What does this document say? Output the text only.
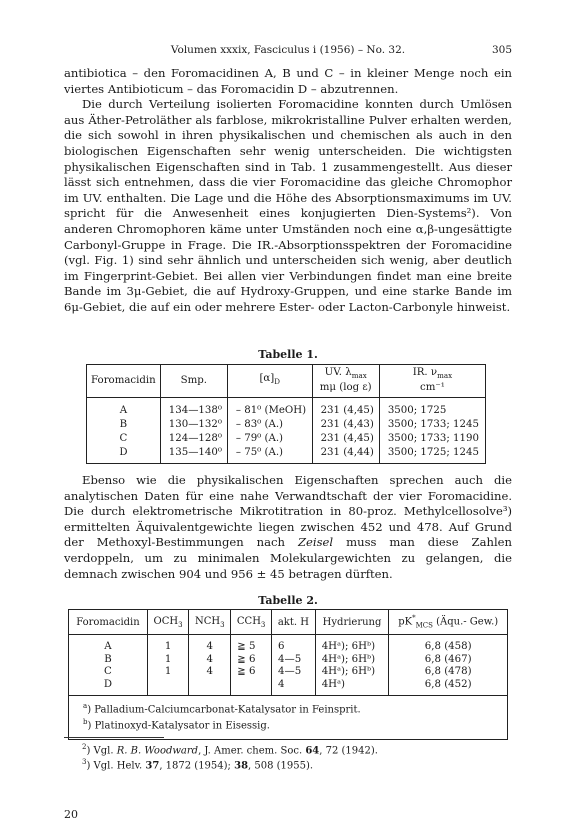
Volumen xxxix, Fasciculus i (1956) – No. 32.	305

antibiotica – den Foromacidinen A, B und C – in kleiner Menge noch ein viertes Antibioticum – das Foromacidin D – abzutrennen.

Die durch Verteilung isolierten Foromacidine konnten durch Umlösen aus Äther-Petroläther als farblose, mikrokristalline Pulver erhalten werden, die sich sowohl in ihren physikalischen und chemischen als auch in den biologischen Eigenschaften sehr wenig unterscheiden. Die wichtigsten physikalischen Eigenschaften sind in Tab. 1 zusammengestellt. Aus dieser lässt sich entnehmen, dass die vier Foromacidine das gleiche Chromophor im UV. enthalten. Die Lage und die Höhe des Absorptionsmaximums im UV. spricht für die Anwesenheit eines konjugierten Dien-Systems²). Von anderen Chromophoren käme unter Umständen noch eine α,β-ungesättigte Carbonyl-Gruppe in Frage. Die IR.-Absorptionsspektren der Foromacidine (vgl. Fig. 1) sind sehr ähnlich und unterscheiden sich wenig, aber deutlich im Fingerprint-Gebiet. Bei allen vier Verbindungen findet man eine breite Bande im 3μ-Gebiet, die auf Hydroxy-Gruppen, und eine starke Bande im 6μ-Gebiet, die auf ein oder mehrere Ester- oder Lacton-Carbonyle hinweist.

Tabelle 1.
Foromacidin	Smp.	$[\alpha]_D$	UV. $\lambda_{max}$
mμ (log ε)	IR. $\nu_{max}$
cm⁻¹
A	134—138⁰	– 81⁰ (MeOH)	231 (4,45)	3500; 1725
B	130—132⁰	– 83⁰ (A.)	231 (4,43)	3500; 1733; 1245
C	124—128⁰	– 79⁰ (A.)	231 (4,45)	3500; 1733; 1190
D	135—140⁰	– 75⁰ (A.)	231 (4,44)	3500; 1725; 1245

Ebenso wie die physikalischen Eigenschaften sprechen auch die analytischen Daten für eine nahe Verwandtschaft der vier Foromacidine. Die durch elektrometrische Mikrotitration in 80-proz. Methylcellosolve³) ermittelten Äquivalentgewichte liegen zwischen 452 und 478. Auf Grund der Methoxyl-Bestimmungen nach Zeisel muss man diese Zahlen verdoppeln, um zu minimalen Molekulargewichten zu gelangen, die demnach zwischen 904 und 956 ± 45 betragen dürften.

Tabelle 2.
Foromacidin	$OCH_3$	$NCH_3$	$CCH_3$	akt. H	Hydrierung	$pK^*_{MCS}$ (Äqu.- Gew.)
A	1	4	≧ 5	6	4Hᵃ); 6Hᵇ)	6,8 (458)
B	1	4	≧ 6	4—5	4Hᵃ); 6Hᵇ)	6,8 (467)
C	1	4	≧ 6	4—5	4Hᵃ); 6Hᵇ)	6,8 (478)
D				4	4Hᵃ)	6,8 (452)

$^a$) Palladium-Calciumcarbonat-Katalysator in Feinsprit.
$^b$) Platinoxyd-Katalysator in Eisessig.						
$^2$) Vgl. R. B. Woodward, J. Amer. chem. Soc. 64, 72 (1942).
$^3$) Vgl. Helv. 37, 1872 (1954); 38, 508 (1955).
20
